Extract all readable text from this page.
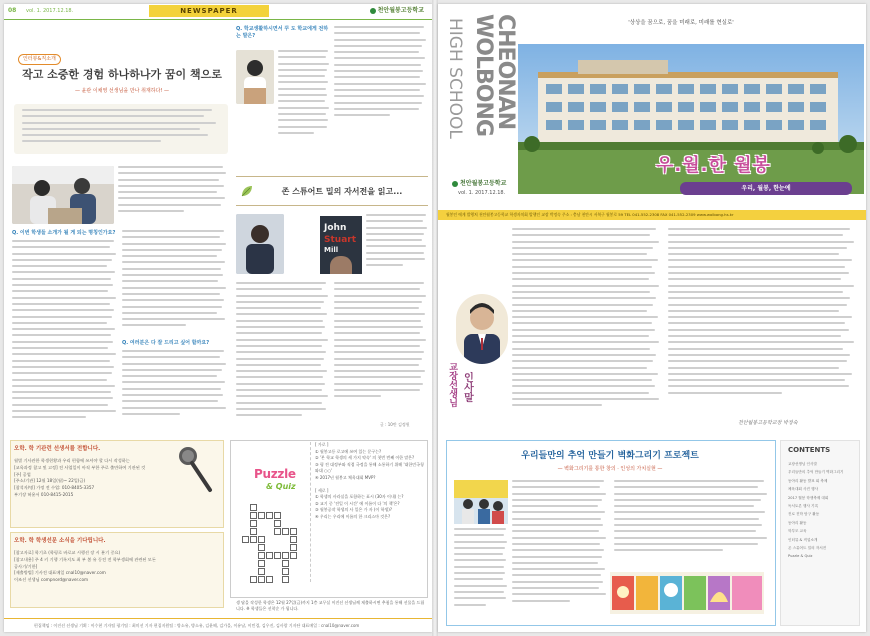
08 vol. 1. 2017.12.18.	NEWSPAPER	천안월봉고등학교
인터뷰&직소개
작고 소중한 경험 하나하나가 꿈이 책으로
— 윤관 이채영 선생님을 만나 취재하다! —
Q. 이번 학생들 소개가 될 게 되는 명칭인가요?
Q. 여러분은 다 잘 드리고 싶어 할까요?
Q. 학교생활하시면서 꾸 도 학교에게 전하는 말은?
존 스튜어트 밀의 자서전을 읽고...
John
Stuart
Mill
글 : 10반 김정원
오학. 학 기관런 선생서를 전합니다.
월별 기사관한 학생현황과 우리 편함에 쓰셔야 할 다시 작성하는
[교육과정 참고 및 고정] 전 사업일이 아직 부한 주로 출만하여 기관된 것
[주] 공업
[주소/기관] 12월 18일(월)~ 22일(금)
[참석자/명] 가정 전 수업: 010-8405-3357
부기장 허윤서 010-8415-2015
오학. 학 학생선문 소식을 기다립니다.
[참고자료] 학기초 (학평로 바로교 시행선 장 시 분기 중요)
[참고내용] 주 4 키 기행 기록지도 최 부 봄 유 동전 전 학부생회에 관련된 모든
공사기/기한]
[제출방법] 기사전 대표메일 cnal10@naver.com
이조선 선생님 compnord@naver.com
Puzzle
& Quiz
[ 가로 ]
① 월봉고등 로고에 쓰여 있는 문구는?
② '본 학교 학생의 세 가지 약속' 의 첫번 번째 이한 말은?
③ 평 전 대정부와 직접 국정을 통해 소통하기 위해 '대한민국청와대 ○○'
④ 2017년 월봉고 체육대회 MVP?

[ 세로 ]
① 학생의 사라실을 포함하는 표시 (30자 이내) 는?
② 교기 중 '전일 이 시간' 에 이름이 다 '의 책'은?
③ 월봉공작 학생의 사 일은 가 자 (이 학생)?
④ 우리는 우리에 이름의 한 크리스마 것은?
생 답을 작성한 학생은 12월 27일(금)까지 1층 교무실 이진선 선생님께 제출하시면 추첨을 통해 선물을 드립니다. ※ 학생들은 선착순 가 됩니다.
편집책임 : 이진선 선생님 기획 : 이수현 기자팀 평기팀 : 최미선 기자 편집지원팀 : 방소유, 방소유, 김윤해, 김가을, 이유남, 이민경, 김우진, 김사랑 기자단 대표메일 : cnal10@naver.com
CHEONAN WOLBONG
HIGH SCHOOL	'상상을 꿈으로, 꿈을 미래로, 미래를 현실로'
우.월.한 월봉
우리, 월봉, 한눈에
천안월봉고등학교
vol. 1. 2017.12.18.
월봉인 에게 발행처 천안월봉고등학교 학생자치회 발행인 교장 박정숙 주소 : 충남 천안시 서북구 월봉로 59 TEL 041-552-2308 FAX 041-552-2309 www.wolbong.hs.kr
교장선생님 인사말
천안월봉고등학교장 박정숙
우리들만의 추억 만들기 벽화그리기 프로젝트
— 벽화그리기를 통한 창의 · 인성의 가치실현 —
CONTENTS
교장선생님 인사말
우리들만의 추억 만들기 벽화그리기
동아리 활동 발표 회 축제
체육대회 사진 행사
2017 월봉 학생축제 대회
독서토론 행사 기록
진로 진학 탐구 활동
동아리 활동
학부모 교육
인터뷰 & 직업소개
존 스튜어트 밀의 자서전
Puzzle & Quiz
